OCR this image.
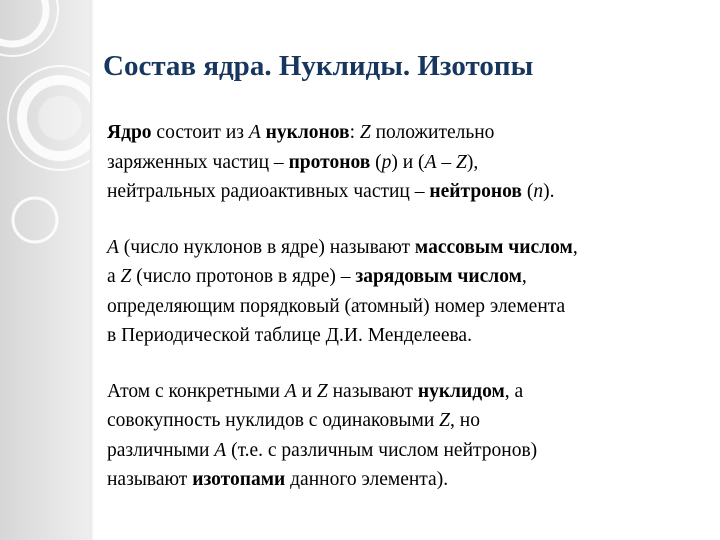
Состав ядра. Нуклиды. Изотопы

Ядро состоит из A нуклонов: Z положительно

заряженных частиц – протонов (p) и (A – Z),

нейтральных радиоактивных частиц – нейтронов (n).

A (число нуклонов в ядре) называют массовым числом,

а Z (число протонов в ядре) – зарядовым числом,

определяющим порядковый (атомный) номер элемента

в Периодической таблице Д.И. Менделеева.

Атом с конкретными A и Z называют нуклидом, а

совокупность нуклидов с одинаковыми Z, но

различными A (т.е. с различным числом нейтронов)

называют изотопами данного элемента).
